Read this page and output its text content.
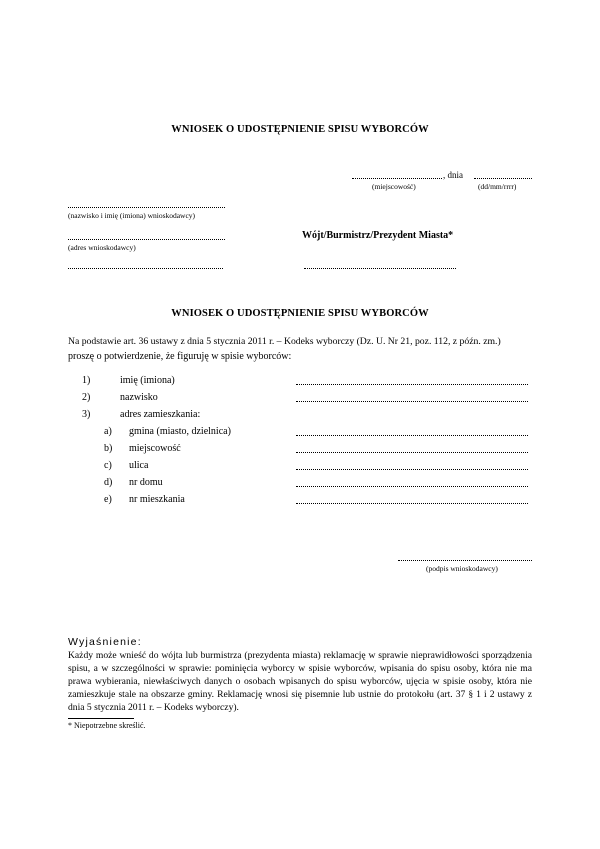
WNIOSEK O UDOSTĘPNIENIE SPISU WYBORCÓW
, dnia
(miejscowość)	(dd/mm/rrrr)
(nazwisko i imię (imiona) wnioskodawcy)
(adres wnioskodawcy)
Wójt/Burmistrz/Prezydent Miasta*
WNIOSEK O UDOSTĘPNIENIE SPISU WYBORCÓW
Na podstawie art. 36 ustawy z dnia 5 stycznia 2011 r. – Kodeks wyborczy (Dz. U. Nr 21, poz. 112, z późn. zm.)
proszę o potwierdzenie, że figuruję w spisie wyborców:
1)	imię (imiona)
2)	nazwisko
3)	adres zamieszkania:
a) gmina (miasto, dzielnica)
b) miejscowość
c) ulica
d) nr domu
e) nr mieszkania
(podpis wnioskodawcy)
Wyjaśnienie:
Każdy może wnieść do wójta lub burmistrza (prezydenta miasta) reklamację w sprawie nieprawidłowości sporządzenia spisu, a w szczególności w sprawie: pominięcia wyborcy w spisie wyborców, wpisania do spisu osoby, która nie ma prawa wybierania, niewłaściwych danych o osobach wpisanych do spisu wyborców, ujęcia w spisie osoby, która nie zamieszkuje stale na obszarze gminy. Reklamację wnosi się pisemnie lub ustnie do protokołu (art. 37 § 1 i 2 ustawy z dnia 5 stycznia 2011 r. – Kodeks wyborczy).
* Niepotrzebne skreślić.
